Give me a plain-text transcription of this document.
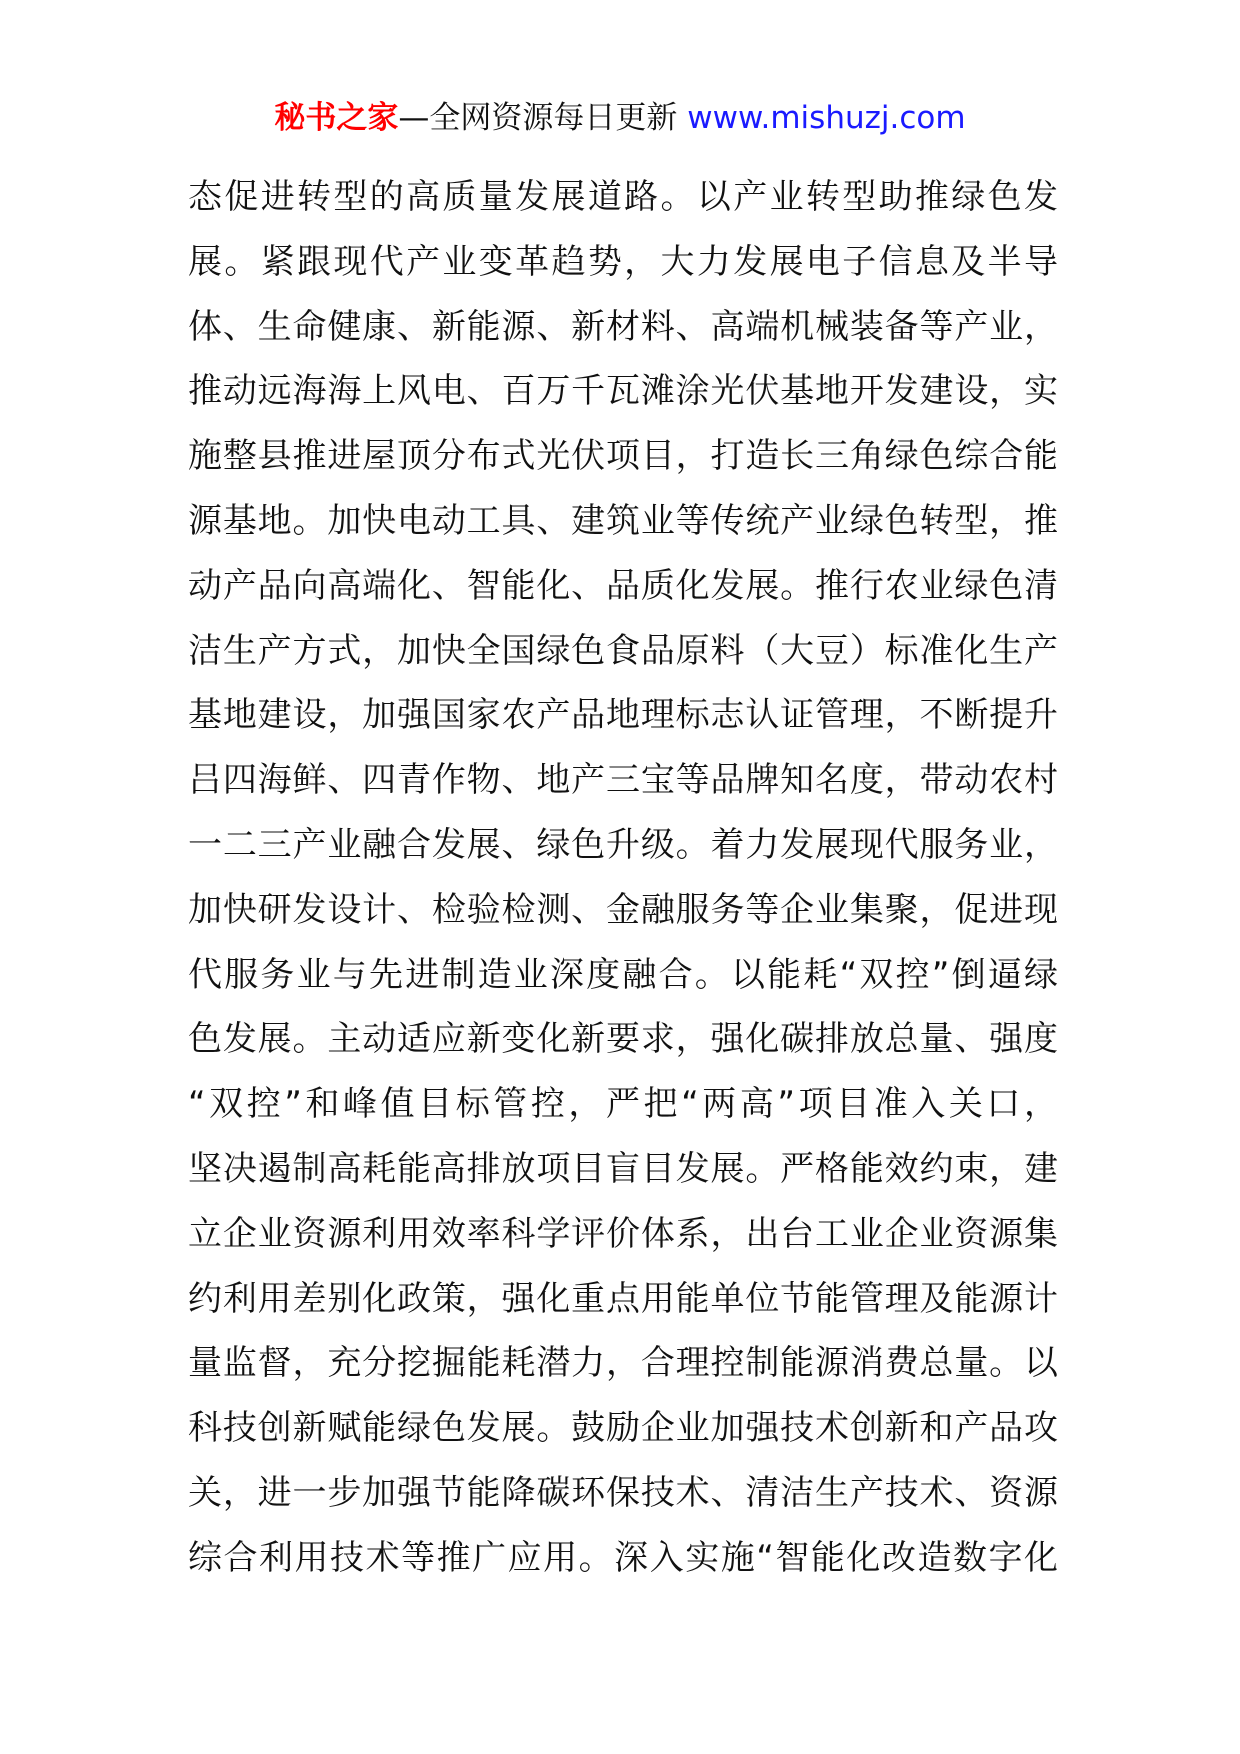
秘书之家—全网资源每日更新 www.mishuzj.com
态促进转型的高质量发展道路。以产业转型助推绿色发
展。紧跟现代产业变革趋势，大力发展电子信息及半导
体、生命健康、新能源、新材料、高端机械装备等产业，
推动远海海上风电、百万千瓦滩涂光伏基地开发建设，实
施整县推进屋顶分布式光伏项目，打造长三角绿色综合能
源基地。加快电动工具、建筑业等传统产业绿色转型，推
动产品向高端化、智能化、品质化发展。推行农业绿色清
洁生产方式，加快全国绿色食品原料（大豆）标准化生产
基地建设，加强国家农产品地理标志认证管理，不断提升
吕四海鲜、四青作物、地产三宝等品牌知名度，带动农村
一二三产业融合发展、绿色升级。着力发展现代服务业，
加快研发设计、检验检测、金融服务等企业集聚，促进现
代服务业与先进制造业深度融合。以能耗“双控”倒逼绿
色发展。主动适应新变化新要求，强化碳排放总量、强度
“双控”和峰值目标管控，严把“两高”项目准入关口，
坚决遏制高耗能高排放项目盲目发展。严格能效约束，建
立企业资源利用效率科学评价体系，出台工业企业资源集
约利用差别化政策，强化重点用能单位节能管理及能源计
量监督，充分挖掘能耗潜力，合理控制能源消费总量。以
科技创新赋能绿色发展。鼓励企业加强技术创新和产品攻
关，进一步加强节能降碳环保技术、清洁生产技术、资源
综合利用技术等推广应用。深入实施“智能化改造数字化
